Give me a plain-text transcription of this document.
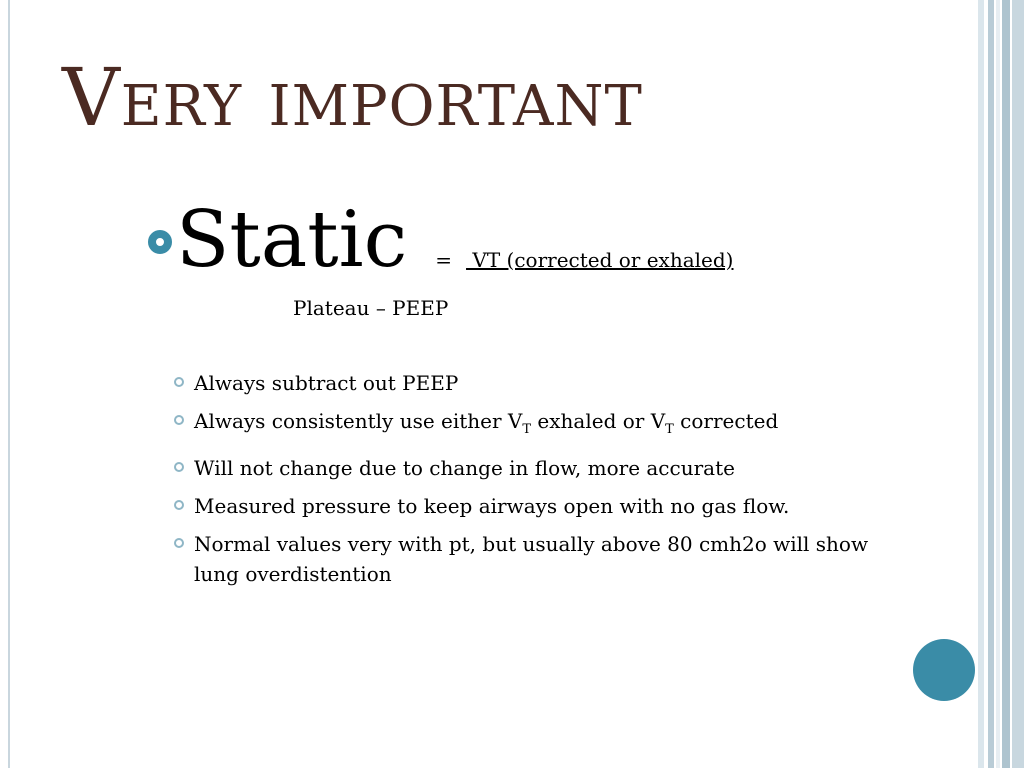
Very important
Static = VT (corrected or exhaled)
Plateau – PEEP
Always subtract out PEEP
Always consistently use either $V_T$ exhaled or $V_T$ corrected
Will not change due to change in flow, more accurate
Measured pressure to keep airways open with no gas flow.
Normal values very with pt, but usually above 80 cmh2o will show lung overdistention
